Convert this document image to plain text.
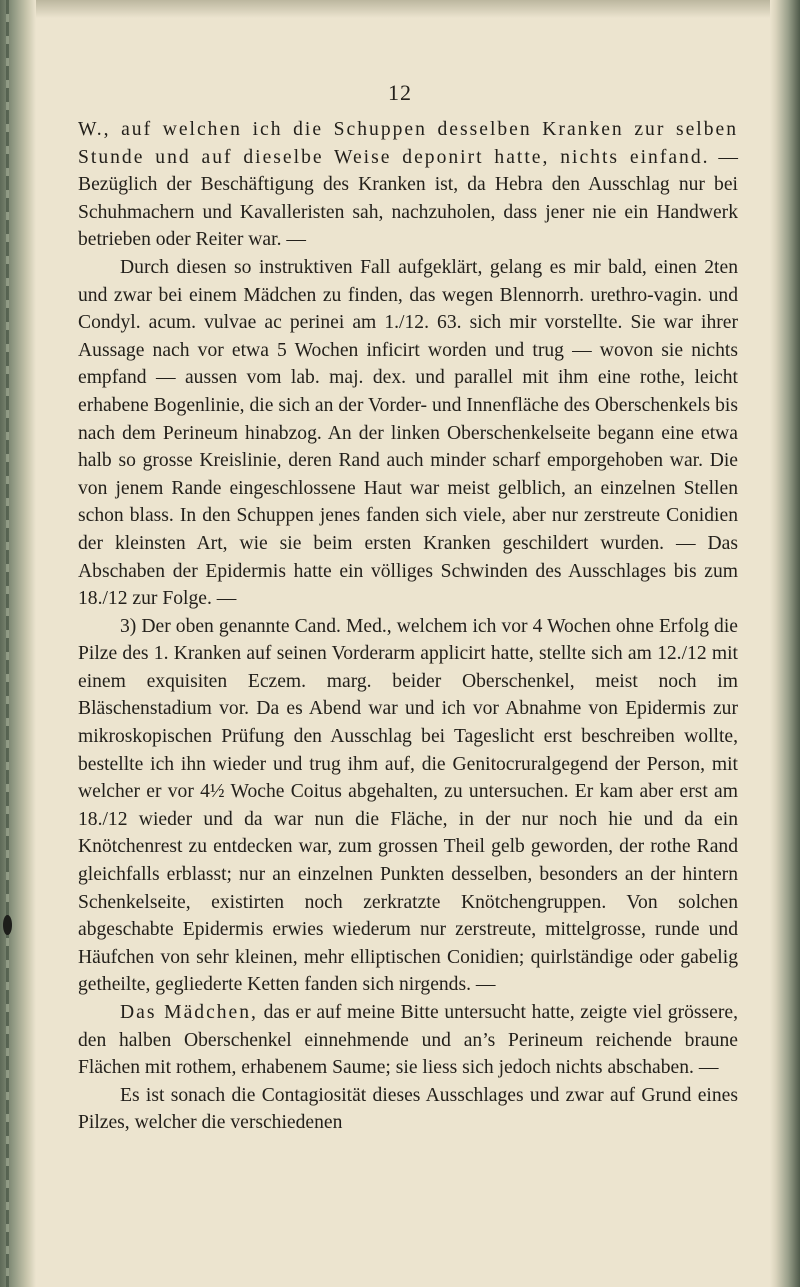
12

W., auf welchen ich die Schuppen desselben Kranken zur selben Stunde und auf dieselbe Weise deponirt hatte, nichts einfand. — Bezüglich der Beschäftigung des Kranken ist, da Hebra den Ausschlag nur bei Schuhmachern und Kavalleristen sah, nachzuholen, dass jener nie ein Handwerk betrieben oder Reiter war. —

Durch diesen so instruktiven Fall aufgeklärt, gelang es mir bald, einen 2ten und zwar bei einem Mädchen zu finden, das wegen Blennorrh. urethro-vagin. und Condyl. acum. vulvae ac perinei am 1./12. 63. sich mir vorstellte. Sie war ihrer Aussage nach vor etwa 5 Wochen inficirt worden und trug — wovon sie nichts empfand — aussen vom lab. maj. dex. und parallel mit ihm eine rothe, leicht erhabene Bogenlinie, die sich an der Vorder- und Innenfläche des Oberschenkels bis nach dem Perineum hinabzog. An der linken Oberschenkelseite begann eine etwa halb so grosse Kreislinie, deren Rand auch minder scharf emporgehoben war. Die von jenem Rande eingeschlossene Haut war meist gelblich, an einzelnen Stellen schon blass. In den Schuppen jenes fanden sich viele, aber nur zerstreute Conidien der kleinsten Art, wie sie beim ersten Kranken geschildert wurden. — Das Abschaben der Epidermis hatte ein völliges Schwinden des Ausschlages bis zum 18./12 zur Folge. —

3) Der oben genannte Cand. Med., welchem ich vor 4 Wochen ohne Erfolg die Pilze des 1. Kranken auf seinen Vorderarm applicirt hatte, stellte sich am 12./12 mit einem exquisiten Eczem. marg. beider Oberschenkel, meist noch im Bläschenstadium vor. Da es Abend war und ich vor Abnahme von Epidermis zur mikroskopischen Prüfung den Ausschlag bei Tageslicht erst beschreiben wollte, bestellte ich ihn wieder und trug ihm auf, die Genitocruralgegend der Person, mit welcher er vor 4½ Woche Coitus abgehalten, zu untersuchen. Er kam aber erst am 18./12 wieder und da war nun die Fläche, in der nur noch hie und da ein Knötchenrest zu entdecken war, zum grossen Theil gelb geworden, der rothe Rand gleichfalls erblasst; nur an einzelnen Punkten desselben, besonders an der hintern Schenkelseite, existirten noch zerkratzte Knötchengruppen. Von solchen abgeschabte Epidermis erwies wiederum nur zerstreute, mittelgrosse, runde und Häufchen von sehr kleinen, mehr elliptischen Conidien; quirlständige oder gabelig getheilte, gegliederte Ketten fanden sich nirgends. —

Das Mädchen, das er auf meine Bitte untersucht hatte, zeigte viel grössere, den halben Oberschenkel einnehmende und an’s Perineum reichende braune Flächen mit rothem, erhabenem Saume; sie liess sich jedoch nichts abschaben. —

Es ist sonach die Contagiosität dieses Ausschlages und zwar auf Grund eines Pilzes, welcher die verschiedenen
